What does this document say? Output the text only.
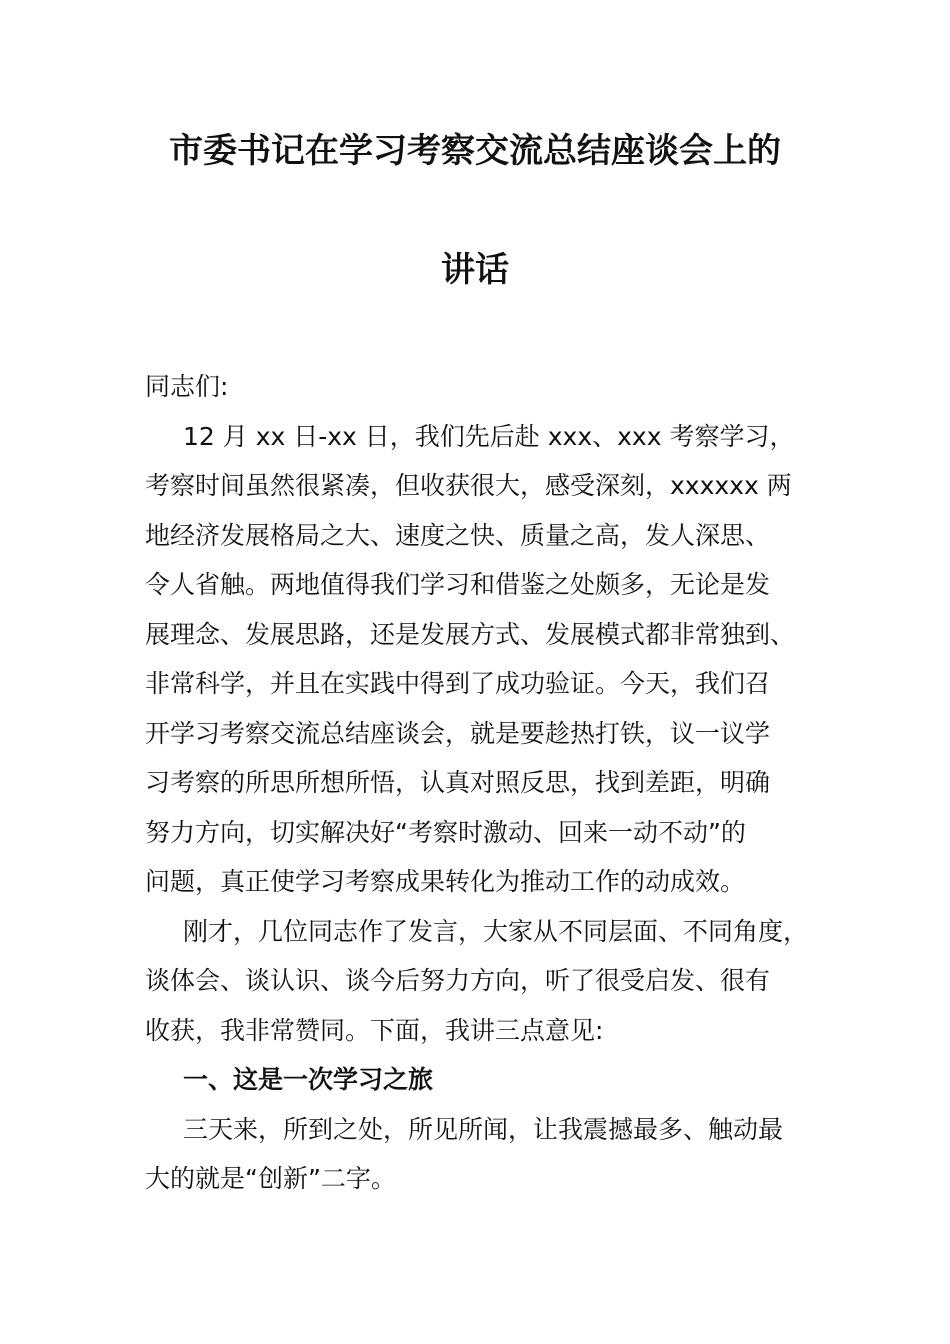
市委书记在学习考察交流总结座谈会上的
讲话
同志们:
12 月 xx 日-xx 日，我们先后赴 xxx、xxx 考察学习，
考察时间虽然很紧凑，但收获很大，感受深刻，xxxxxx 两
地经济发展格局之大、速度之快、质量之高，发人深思、
令人省触。两地值得我们学习和借鉴之处颇多，无论是发
展理念、发展思路，还是发展方式、发展模式都非常独到、
非常科学，并且在实践中得到了成功验证。今天，我们召
开学习考察交流总结座谈会，就是要趁热打铁，议一议学
习考察的所思所想所悟，认真对照反思，找到差距，明确
努力方向，切实解决好“考察时激动、回来一动不动”的
问题，真正使学习考察成果转化为推动工作的动成效。
刚才，几位同志作了发言，大家从不同层面、不同角度，
谈体会、谈认识、谈今后努力方向，听了很受启发、很有
收获，我非常赞同。下面，我讲三点意见:
一、这是一次学习之旅
三天来，所到之处，所见所闻，让我震撼最多、触动最
大的就是“创新”二字。
